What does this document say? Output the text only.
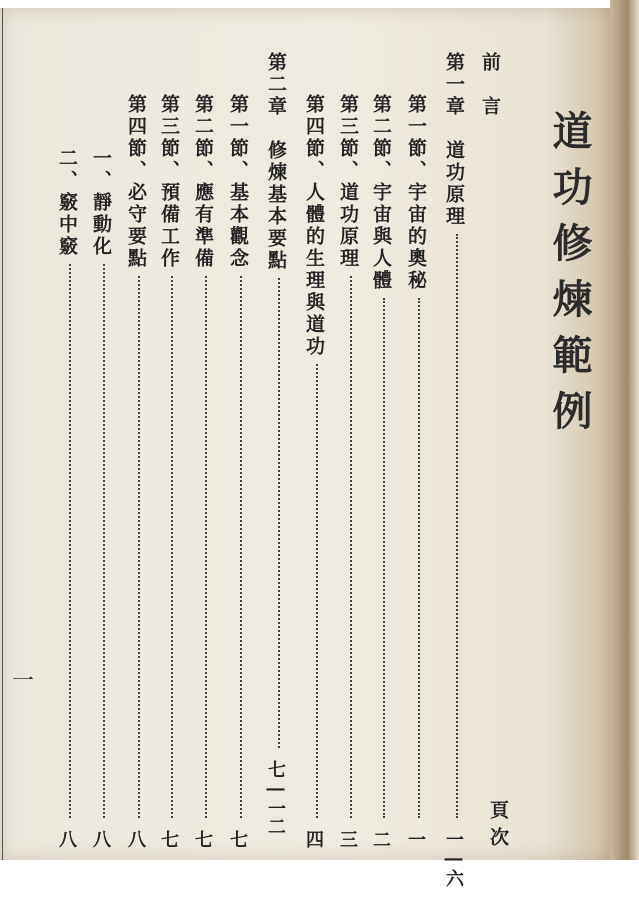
道功修煉範例
頁次
一
前　言
第一章　道功原理
一―六
第一節、宇宙的奧秘
一
第二節、宇宙與人體
二
第三節、道功原理
三
第四節、人體的生理與道功
四
第二章　修煉基本要點
七―一二
第一節、基本觀念
七
第二節、應有準備
七
第三節、預備工作
七
第四節、必守要點
八
一、靜動化
八
二、竅中竅
八
